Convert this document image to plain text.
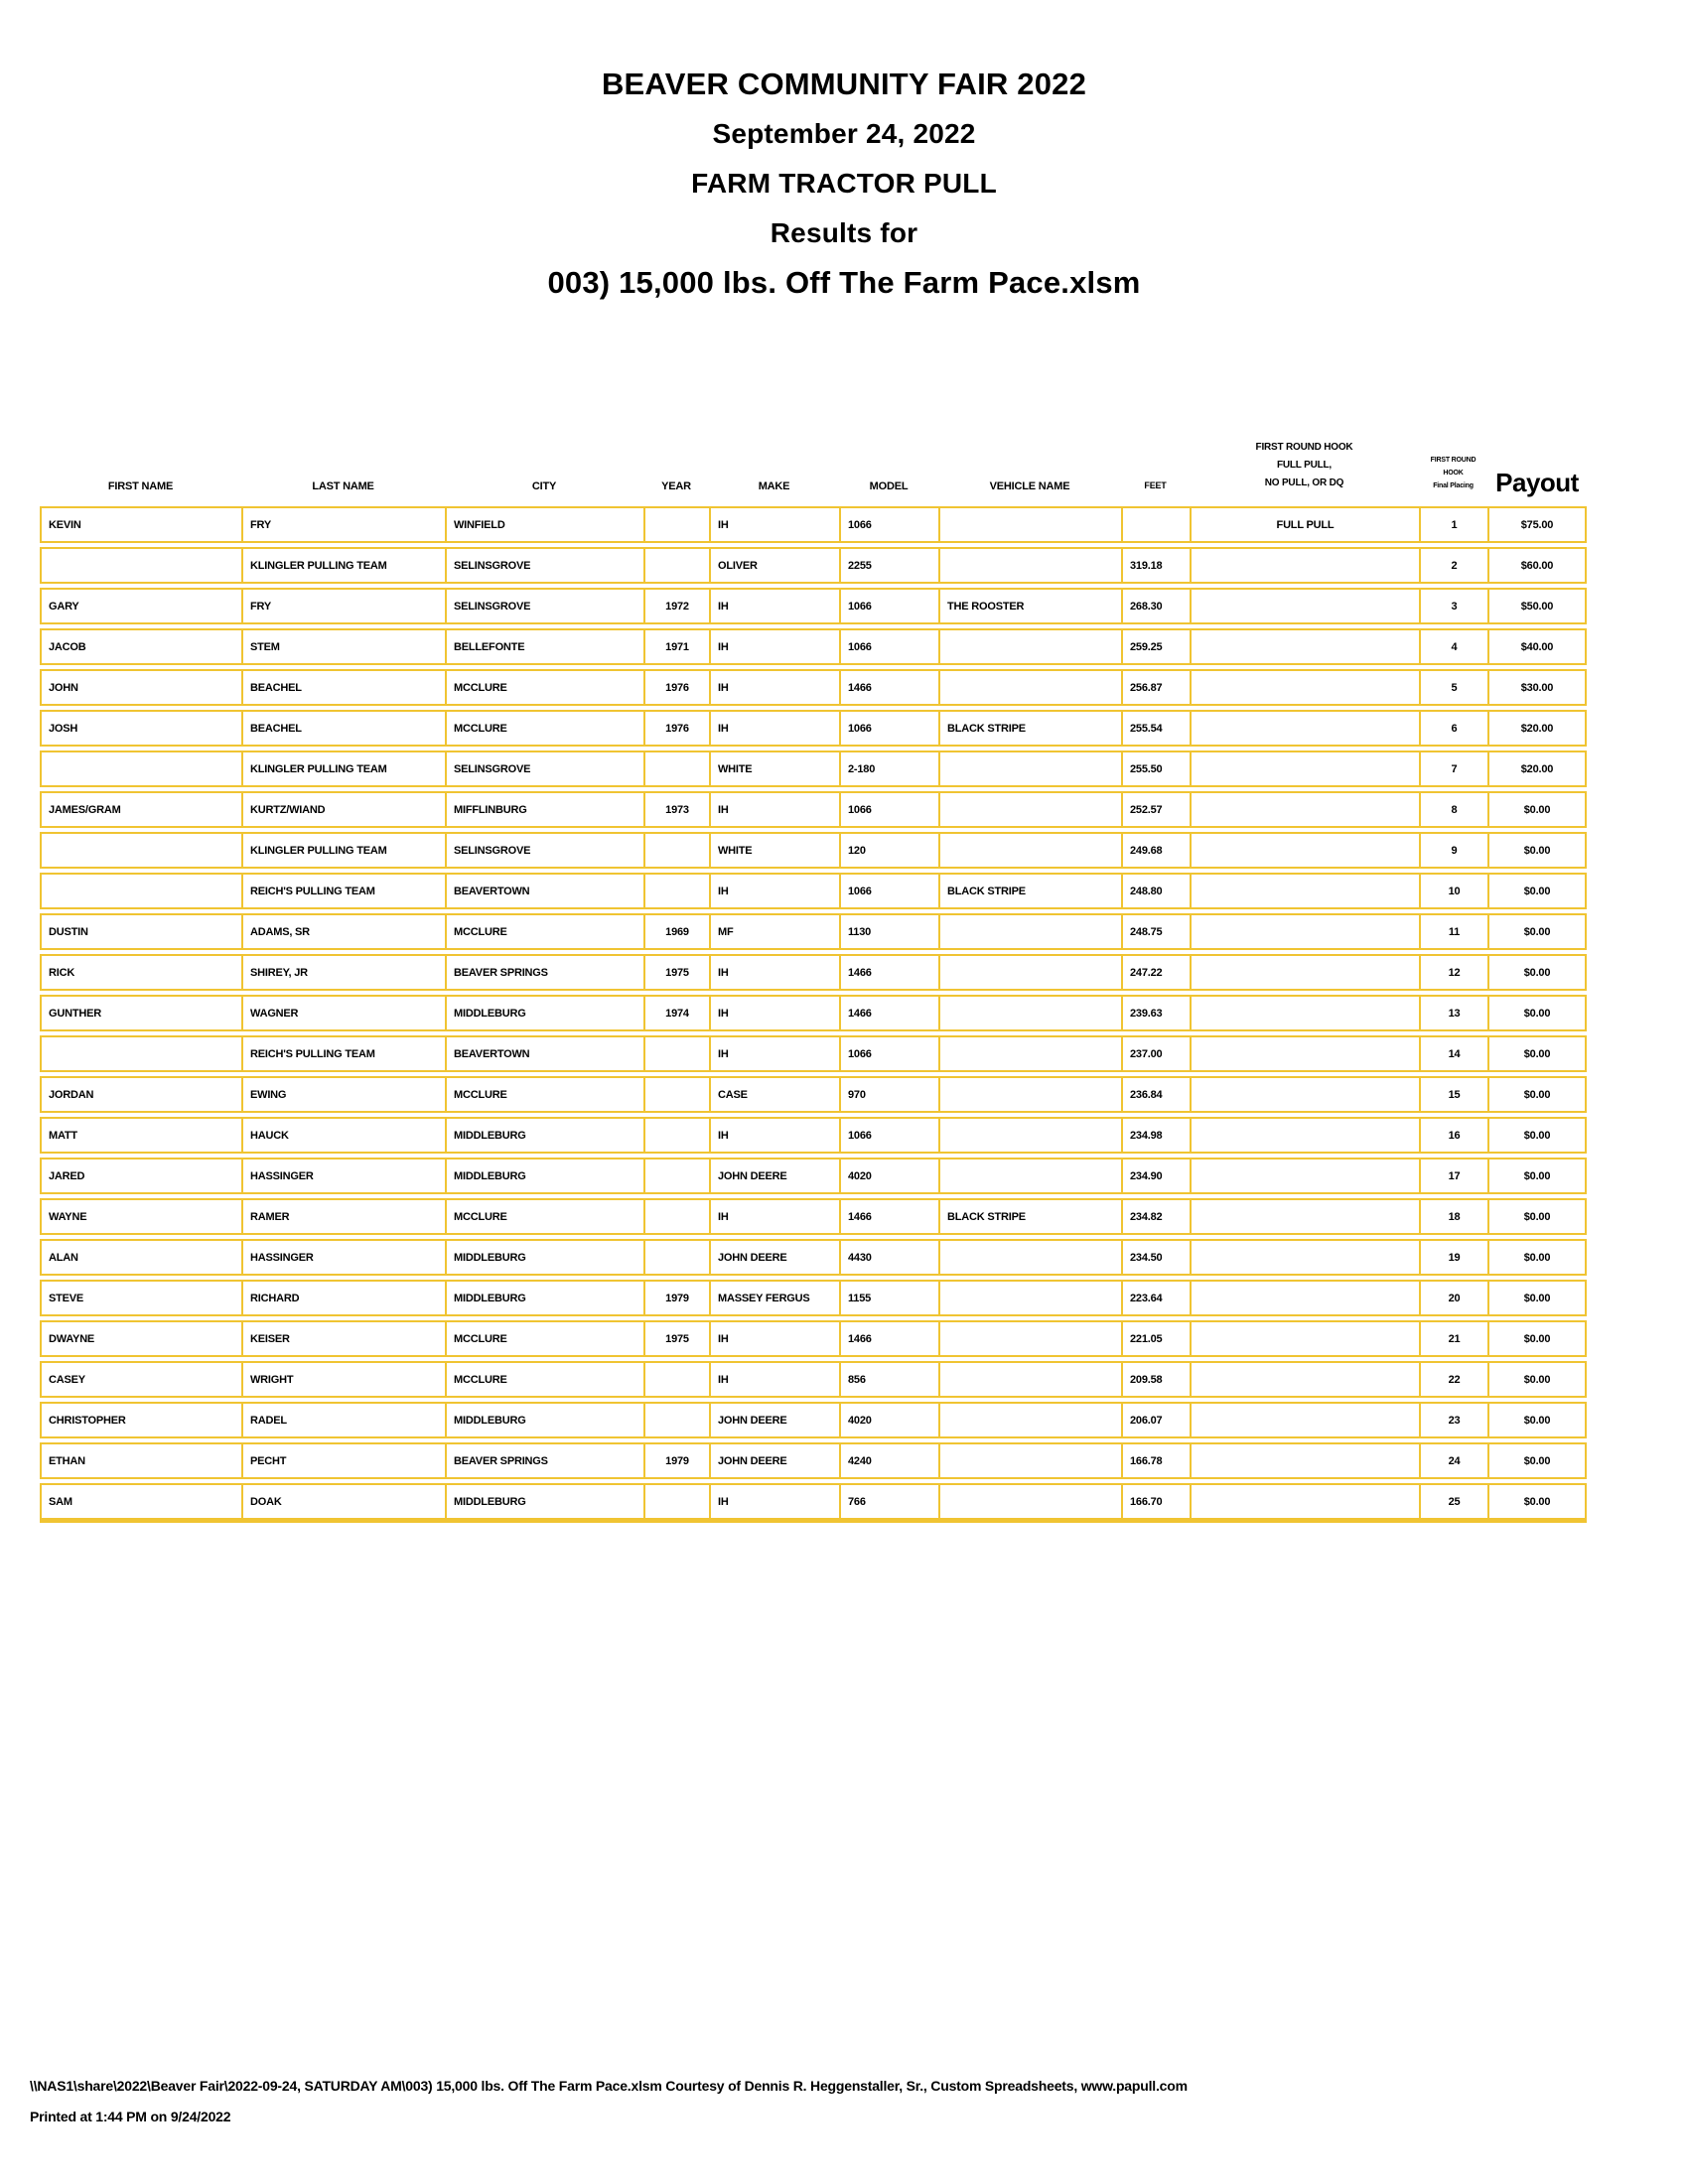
BEAVER COMMUNITY FAIR 2022
September 24, 2022
FARM TRACTOR PULL
Results for
003) 15,000 lbs. Off The Farm Pace.xlsm
FIRST NAME	LAST NAME	CITY	YEAR	MAKE	MODEL	VEHICLE NAME	FEET	
FIRST ROUND HOOK
FULL PULL,
NO PULL, OR DQ

FIRST ROUND
HOOK
Final Placing	Payout
KEVIN	FRY	WINFIELD		IH	1066			FULL PULL	1	$75.00
	KLINGLER PULLING TEAM	SELINSGROVE		OLIVER	2255		319.18		2	$60.00
GARY	FRY	SELINSGROVE	1972	IH	1066	THE ROOSTER	268.30		3	$50.00
JACOB	STEM	BELLEFONTE	1971	IH	1066		259.25		4	$40.00
JOHN	BEACHEL	MCCLURE	1976	IH	1466		256.87		5	$30.00
JOSH	BEACHEL	MCCLURE	1976	IH	1066	BLACK STRIPE	255.54		6	$20.00
	KLINGLER PULLING TEAM	SELINSGROVE		WHITE	2-180		255.50		7	$20.00
JAMES/GRAM	KURTZ/WIAND	MIFFLINBURG	1973	IH	1066		252.57		8	$0.00
	KLINGLER PULLING TEAM	SELINSGROVE		WHITE	120		249.68		9	$0.00
	REICH'S PULLING TEAM	BEAVERTOWN		IH	1066	BLACK STRIPE	248.80		10	$0.00
DUSTIN	ADAMS, SR	MCCLURE	1969	MF	1130		248.75		11	$0.00
RICK	SHIREY, JR	BEAVER SPRINGS	1975	IH	1466		247.22		12	$0.00
GUNTHER	WAGNER	MIDDLEBURG	1974	IH	1466		239.63		13	$0.00
	REICH'S PULLING TEAM	BEAVERTOWN		IH	1066		237.00		14	$0.00
JORDAN	EWING	MCCLURE		CASE	970		236.84		15	$0.00
MATT	HAUCK	MIDDLEBURG		IH	1066		234.98		16	$0.00
JARED	HASSINGER	MIDDLEBURG		JOHN DEERE	4020		234.90		17	$0.00
WAYNE	RAMER	MCCLURE		IH	1466	BLACK STRIPE	234.82		18	$0.00
ALAN	HASSINGER	MIDDLEBURG		JOHN DEERE	4430		234.50		19	$0.00
STEVE	RICHARD	MIDDLEBURG	1979	MASSEY FERGUS	1155		223.64		20	$0.00
DWAYNE	KEISER	MCCLURE	1975	IH	1466		221.05		21	$0.00
CASEY	WRIGHT	MCCLURE		IH	856		209.58		22	$0.00
CHRISTOPHER	RADEL	MIDDLEBURG		JOHN DEERE	4020		206.07		23	$0.00
ETHAN	PECHT	BEAVER SPRINGS	1979	JOHN DEERE	4240		166.78		24	$0.00
SAM	DOAK	MIDDLEBURG		IH	766		166.70		25	$0.00
\\NAS1\share\2022\Beaver Fair\2022-09-24, SATURDAY AM\003) 15,000 lbs. Off The Farm Pace.xlsm Courtesy of Dennis R. Heggenstaller, Sr., Custom Spreadsheets, www.papull.com
Printed at 1:44 PM on 9/24/2022
